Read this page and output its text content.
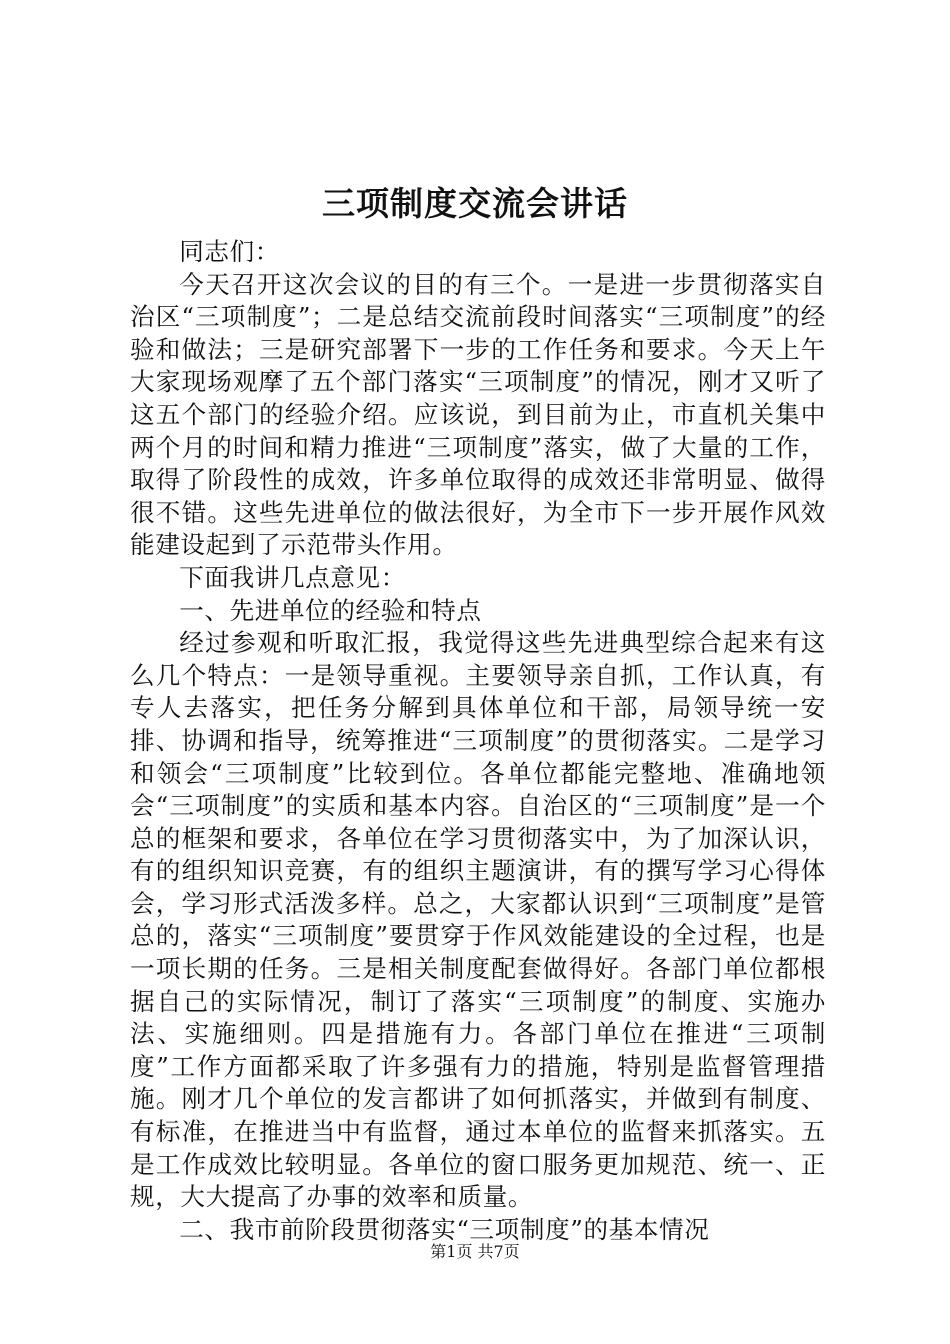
三项制度交流会讲话

同志们：

今天召开这次会议的目的有三个。一是进一步贯彻落实自治区“三项制度”；二是总结交流前段时间落实“三项制度”的经验和做法；三是研究部署下一步的工作任务和要求。今天上午大家现场观摩了五个部门落实“三项制度”的情况，刚才又听了这五个部门的经验介绍。应该说，到目前为止，市直机关集中两个月的时间和精力推进“三项制度”落实，做了大量的工作，取得了阶段性的成效，许多单位取得的成效还非常明显、做得很不错。这些先进单位的做法很好，为全市下一步开展作风效能建设起到了示范带头作用。

下面我讲几点意见：

一、先进单位的经验和特点

经过参观和听取汇报，我觉得这些先进典型综合起来有这么几个特点：一是领导重视。主要领导亲自抓，工作认真，有专人去落实，把任务分解到具体单位和干部，局领导统一安排、协调和指导，统筹推进“三项制度”的贯彻落实。二是学习和领会“三项制度”比较到位。各单位都能完整地、准确地领会“三项制度”的实质和基本内容。自治区的“三项制度”是一个总的框架和要求，各单位在学习贯彻落实中，为了加深认识，有的组织知识竞赛，有的组织主题演讲，有的撰写学习心得体会，学习形式活泼多样。总之，大家都认识到“三项制度”是管总的，落实“三项制度”要贯穿于作风效能建设的全过程，也是一项长期的任务。三是相关制度配套做得好。各部门单位都根据自己的实际情况，制订了落实“三项制度”的制度、实施办法、实施细则。四是措施有力。各部门单位在推进“三项制度”工作方面都采取了许多强有力的措施，特别是监督管理措施。刚才几个单位的发言都讲了如何抓落实，并做到有制度、有标准，在推进当中有监督，通过本单位的监督来抓落实。五是工作成效比较明显。各单位的窗口服务更加规范、统一、正规，大大提高了办事的效率和质量。

二、我市前阶段贯彻落实“三项制度”的基本情况

第1页 共7页
